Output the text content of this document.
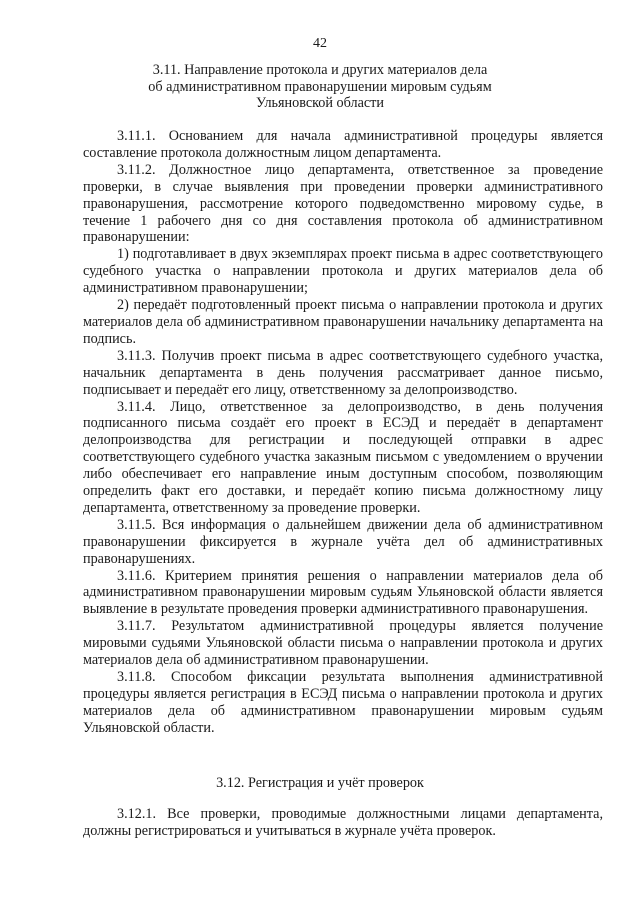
42
3.11. Направление протокола и других материалов дела
об административном правонарушении мировым судьям
Ульяновской области

3.11.1. Основанием для начала административной процедуры является составление протокола должностным лицом департамента.

3.11.2. Должностное лицо департамента, ответственное за проведение проверки, в случае выявления при проведении проверки административного правонарушения, рассмотрение которого подведомственно мировому судье, в течение 1 рабочего дня со дня составления протокола об административном правонарушении:

1) подготавливает в двух экземплярах проект письма в адрес соответствующего судебного участка о направлении протокола и других материалов дела об административном правонарушении;

2) передаёт подготовленный проект письма о направлении протокола и других материалов дела об административном правонарушении начальнику департамента на подпись.

3.11.3. Получив проект письма в адрес соответствующего судебного участка, начальник департамента в день получения рассматривает данное письмо, подписывает и передаёт его лицу, ответственному за делопроизводство.

3.11.4. Лицо, ответственное за делопроизводство, в день получения подписанного письма создаёт его проект в ЕСЭД и передаёт в департамент делопроизводства для регистрации и последующей отправки в адрес соответствующего судебного участка заказным письмом с уведомлением о вручении либо обеспечивает его направление иным доступным способом, позволяющим определить факт его доставки, и передаёт копию письма должностному лицу департамента, ответственному за проведение проверки.

3.11.5. Вся информация о дальнейшем движении дела об административном правонарушении фиксируется в журнале учёта дел об административных правонарушениях.

3.11.6. Критерием принятия решения о направлении материалов дела об административном правонарушении мировым судьям Ульяновской области является выявление в результате проведения проверки административного правонарушения.

3.11.7. Результатом административной процедуры является получение мировыми судьями Ульяновской области письма о направлении протокола и других материалов дела об административном правонарушении.

3.11.8. Способом фиксации результата выполнения административной процедуры является регистрация в ЕСЭД письма о направлении протокола и других материалов дела об административном правонарушении мировым судьям Ульяновской области.

3.12. Регистрация и учёт проверок

3.12.1. Все проверки, проводимые должностными лицами департамента, должны регистрироваться и учитываться в журнале учёта проверок.
